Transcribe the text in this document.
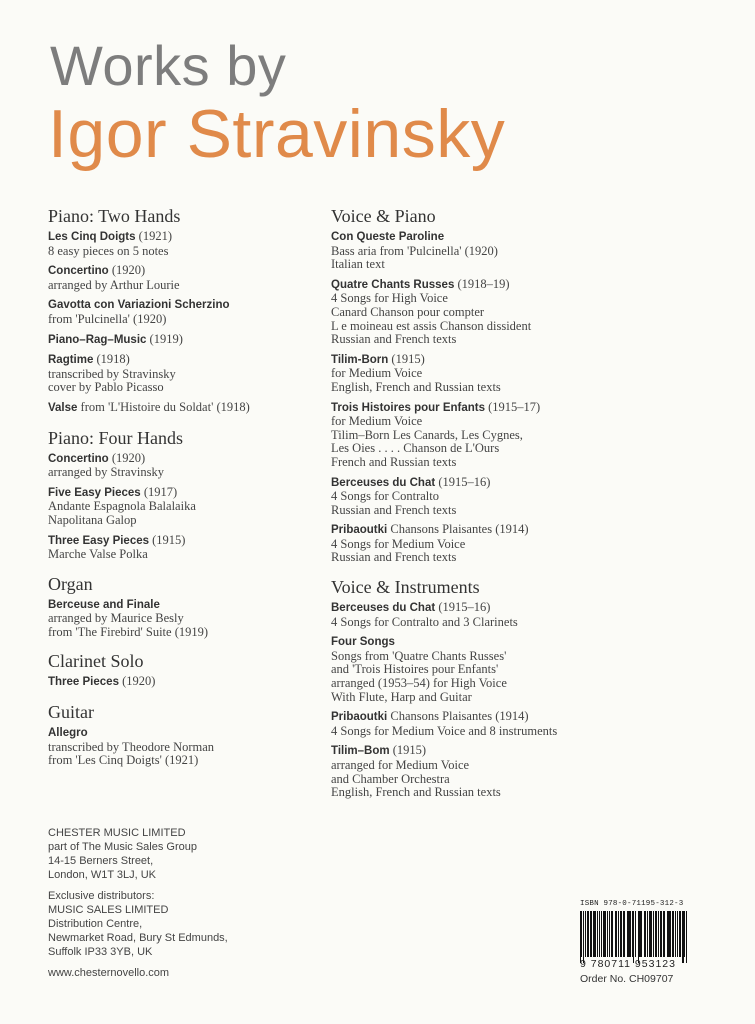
Works by
Igor Stravinsky
Piano: Two Hands
Les Cinq Doigts (1921)
8 easy pieces on 5 notes
Concertino (1920)
arranged by Arthur Lourie
Gavotta con Variazioni Scherzino
from 'Pulcinella' (1920)
Piano–Rag–Music (1919)
Ragtime (1918)
transcribed by Stravinsky
cover by Pablo Picasso
Valse from 'L'Histoire du Soldat' (1918)
Piano: Four Hands
Concertino (1920)
arranged by Stravinsky
Five Easy Pieces (1917)
Andante Espagnola Balalaika
Napolitana Galop
Three Easy Pieces (1915)
Marche Valse Polka
Organ
Berceuse and Finale
arranged by Maurice Besly
from 'The Firebird' Suite (1919)
Clarinet Solo
Three Pieces (1920)
Guitar
Allegro
transcribed by Theodore Norman
from 'Les Cinq Doigts' (1921)
Voice & Piano
Con Queste Paroline
Bass aria from 'Pulcinella' (1920)
Italian text
Quatre Chants Russes (1918–19)
4 Songs for High Voice
Canard Chanson pour compter
L e moineau est assis Chanson dissident
Russian and French texts
Tilim-Born (1915)
for Medium Voice
English, French and Russian texts
Trois Histoires pour Enfants (1915–17)
for Medium Voice
Tilim–Born Les Canards, Les Cygnes,
Les Oies . . . . Chanson de L'Ours
French and Russian texts
Berceuses du Chat (1915–16)
4 Songs for Contralto
Russian and French texts
Pribaoutki Chansons Plaisantes (1914)
4 Songs for Medium Voice
Russian and French texts
Voice & Instruments
Berceuses du Chat (1915–16)
4 Songs for Contralto and 3 Clarinets
Four Songs
Songs from 'Quatre Chants Russes'
and 'Trois Histoires pour Enfants'
arranged (1953–54) for High Voice
With Flute, Harp and Guitar
Pribaoutki Chansons Plaisantes (1914)
4 Songs for Medium Voice and 8 instruments
Tilim–Bom (1915)
arranged for Medium Voice
and Chamber Orchestra
English, French and Russian texts
CHESTER MUSIC LIMITED
part of The Music Sales Group
14-15 Berners Street,
London, W1T 3LJ, UK
Exclusive distributors:
MUSIC SALES LIMITED
Distribution Centre,
Newmarket Road, Bury St Edmunds,
Suffolk IP33 3YB, UK
www.chesternovello.com
ISBN 978-0-71195-312-3
9 780711 953123
Order No. CH09707
